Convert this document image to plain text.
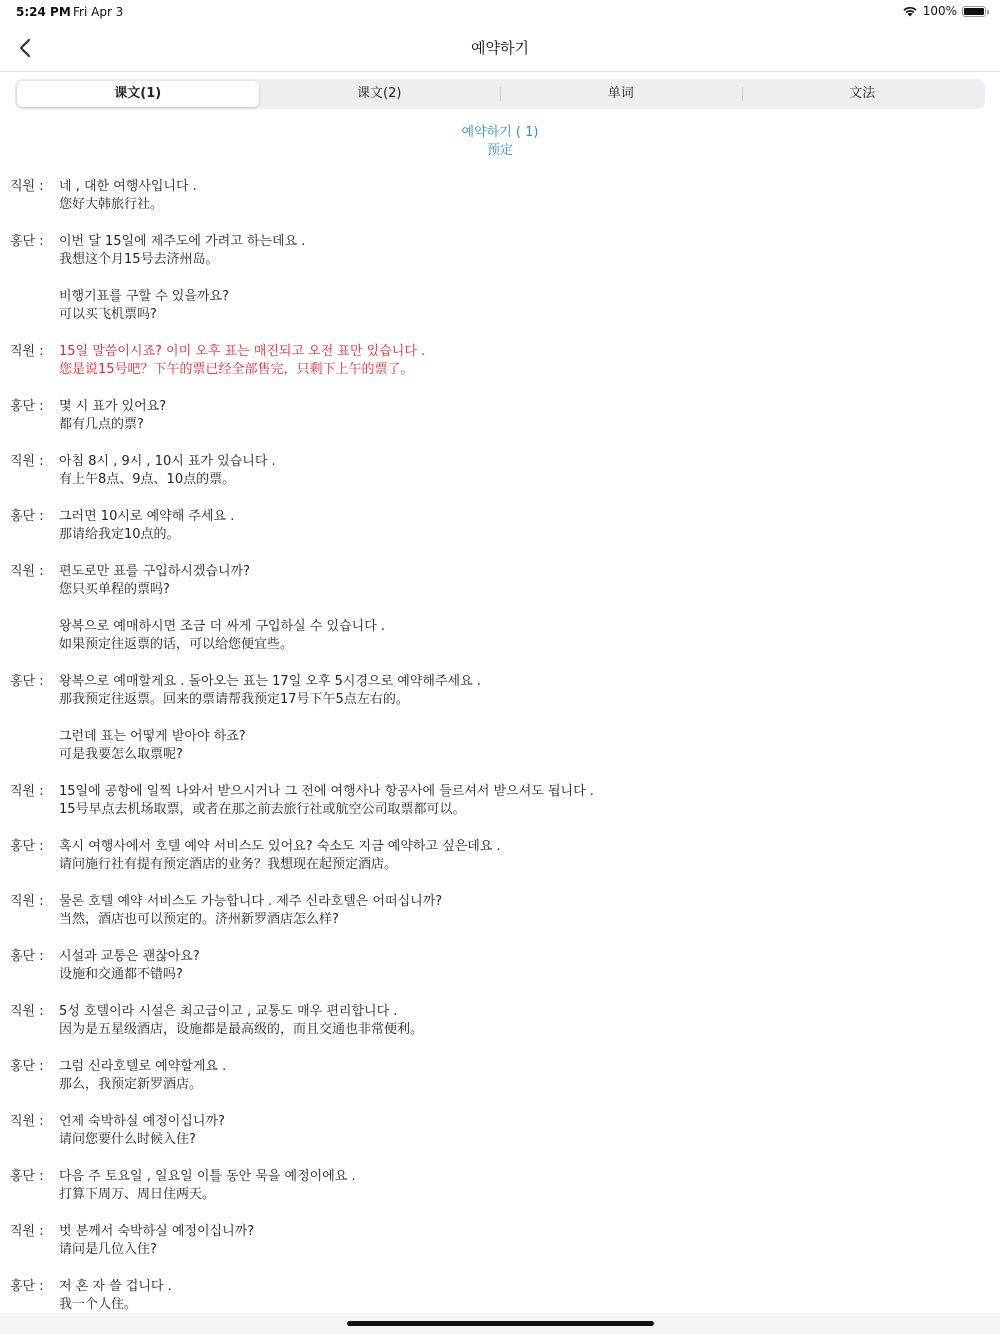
5:24 PM Fri Apr 3	100%
예약하기
课文(1)	课文(2)	单词	文法
예약하기 ( 1)
预定
직원 : 네 , 대한 여행사입니다 .
您好大韩旅行社。
홍단 : 이번 달 15일에 제주도에 가려고 하는데요 .
我想这个月15号去济州岛。
비행기표를 구할 수 있을까요?
可以买飞机票吗?
직원 : 15일 말씀이시죠? 이미 오후 표는 매진되고 오전 표만 있습니다 .
您是说15号吧？下午的票已经全部售完，只剩下上午的票了。
홍단 : 몇 시 표가 있어요?
都有几点的票?
직원 : 아침 8시 , 9시 , 10시 표가 있습니다 .
有上午8点、9点、10点的票。
홍단 : 그러면 10시로 예약해 주세요 .
那请给我定10点的。
직원 : 편도로만 표를 구입하시겠습니까?
您只买单程的票吗?
왕복으로 예매하시면 조금 더 싸게 구입하실 수 있습니다 .
如果预定往返票的话，可以给您便宜些。
홍단 : 왕복으로 예매할게요 . 돌아오는 표는 17일 오후 5시경으로 예약해주세요 .
那我预定往返票。回来的票请帮我预定17号下午5点左右的。
그런데 표는 어떻게 받아야 하죠?
可是我要怎么取票呢?
직원 : 15일에 공항에 일찍 나와서 받으시거나 그 전에 여행사나 항공사에 들르셔서 받으셔도 됩니다 .
15号早点去机场取票，或者在那之前去旅行社或航空公司取票都可以。
홍단 : 혹시 여행사에서 호텔 예약 서비스도 있어요? 숙소도 지금 예약하고 싶은데요 .
请问施行社有提有预定酒店的业务？我想现在起预定酒店。
직원 : 물론 호텔 예약 서비스도 가능합니다 . 제주 신라호텔은 어떠십니까?
当然，酒店也可以预定的。济州新罗酒店怎么样?
홍단 : 시설과 교통은 괜찮아요?
设施和交通都不错吗?
직원 : 5성 호텔이라 시설은 최고급이고 , 교통도 매우 편리합니다 .
因为是五星级酒店，设施都是最高级的，而且交通也非常便利。
홍단 : 그럼 신라호텔로 예약할게요 .
那么，我预定新罗酒店。
직원 : 언제 숙박하실 예정이십니까?
请问您要什么时候入住?
홍단 : 다음 주 토요일 , 일요일 이틀 동안 묵을 예정이에요 .
打算下周万、周日住两天。
직원 : 벗 분께서 숙박하실 예정이십니까?
请问是几位入住?
홍단 : 저 혼 자 쓸 겁니다 .
我一个人住。
